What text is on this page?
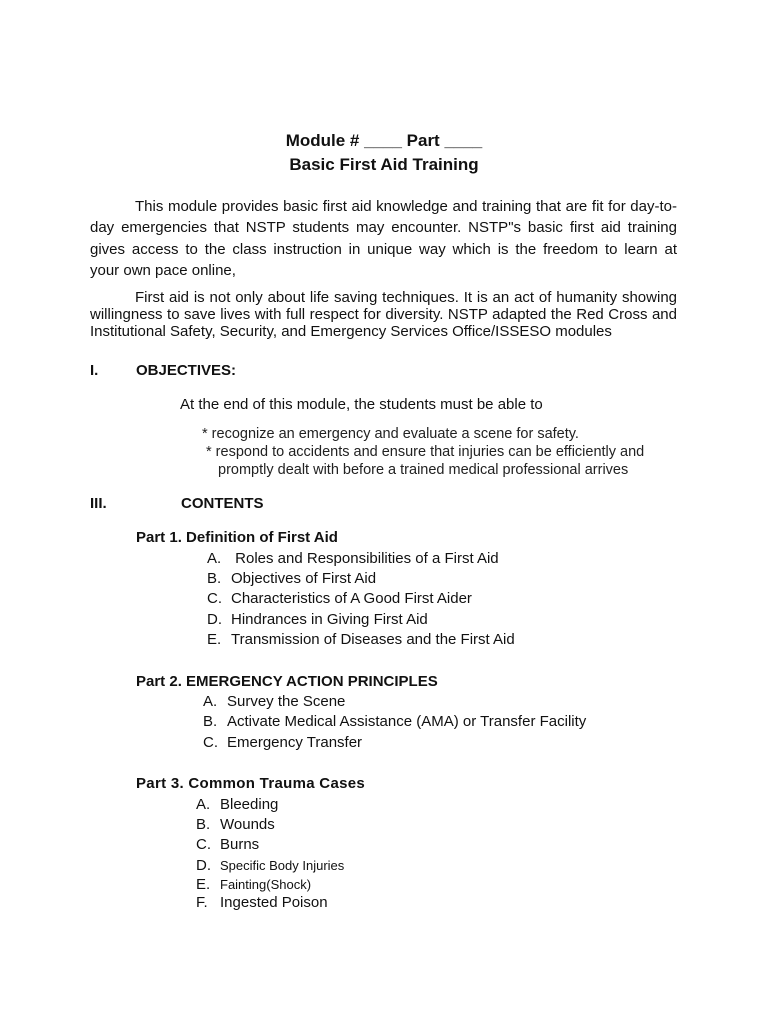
Module # ____ Part ____
Basic First Aid Training
This module provides basic first aid knowledge and training that are fit for day-to-
day emergencies that NSTP students may encounter. NSTP"s basic first aid training
gives access to the class instruction in unique way which is the freedom to learn at
your own pace online,
First aid is not only about life saving techniques. It is an act of humanity showing
willingness to save lives with full respect for diversity. NSTP adapted the Red Cross and
Institutional Safety, Security, and Emergency Services Office/ISSESO modules
I.	OBJECTIVES:
At the end of this module, the students must be able to
* recognize an emergency and evaluate a scene for safety.
* respond to accidents and ensure that injuries can be efficiently and
promptly dealt with before a trained medical professional arrives
III.	CONTENTS
Part 1. Definition of First Aid
A. Roles and Responsibilities of a First Aid
B. Objectives of First Aid
C. Characteristics of A Good First Aider
D. Hindrances in Giving First Aid
E. Transmission of Diseases and the First Aid
Part 2. EMERGENCY ACTION PRINCIPLES
A. Survey the Scene
B. Activate Medical Assistance (AMA) or Transfer Facility
C. Emergency Transfer
Part 3. Common Trauma Cases
A. Bleeding
B. Wounds
C. Burns
D. Specific Body Injuries
E. Fainting(Shock)
F. Ingested Poison
